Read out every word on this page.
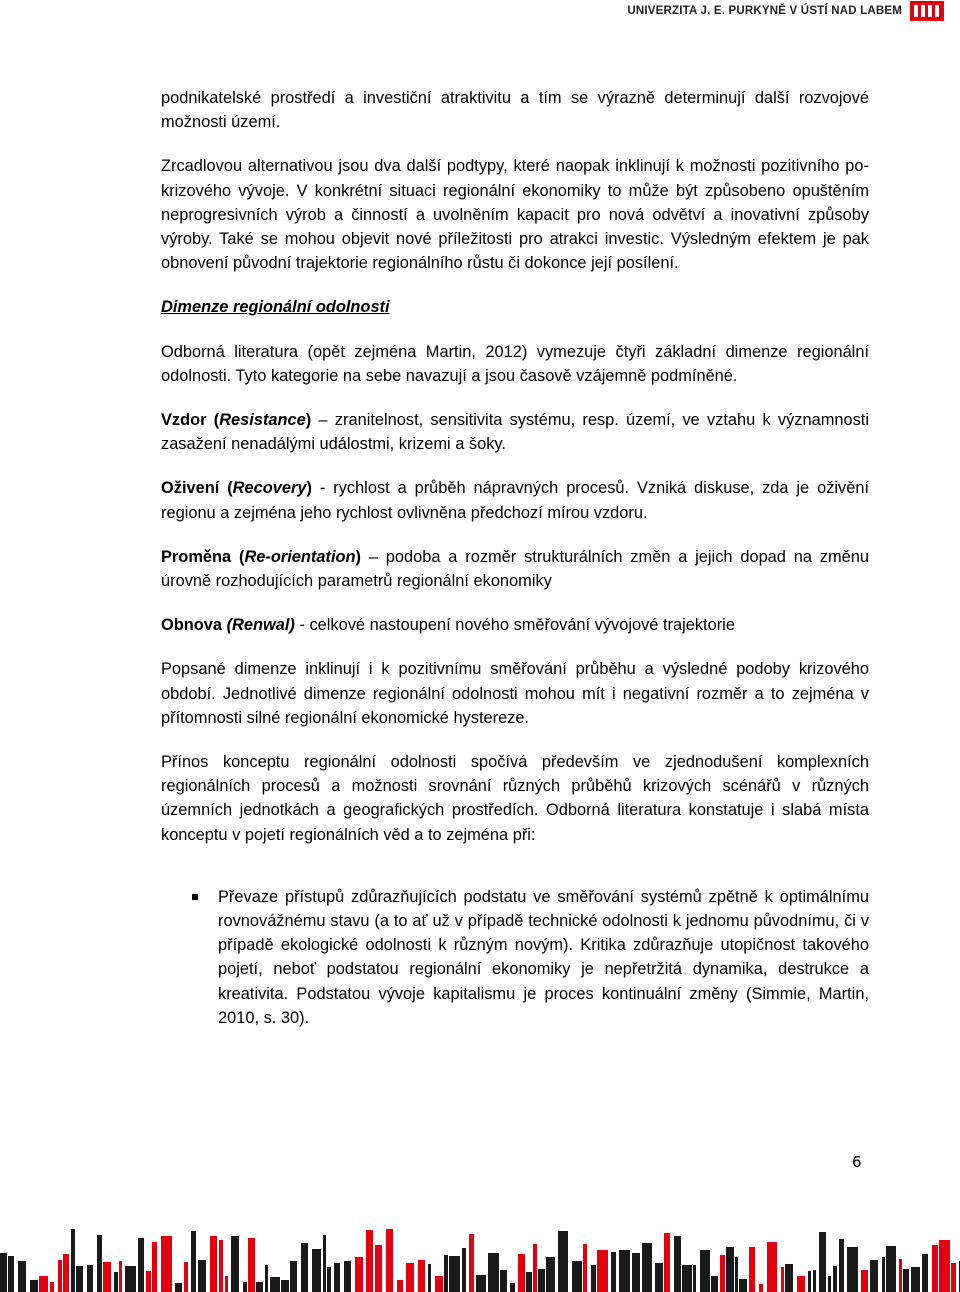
UNIVERZITA J. E. PURKYNĚ V ÚSTÍ NAD LABEM

podnikatelské prostředí a investiční atraktivitu a tím se výrazně determinují další rozvojové možnosti území.

Zrcadlovou alternativou jsou dva další podtypy, které naopak inklinují k možnosti pozitivního po-krizového vývoje. V konkrétní situaci regionální ekonomiky to může být způsobeno opuštěním neprogresivních výrob a činností a uvolněním kapacit pro nová odvětví a inovativní způsoby výroby. Také se mohou objevit nové příležitosti pro atrakci investic. Výsledným efektem je pak obnovení původní trajektorie regionálního růstu či dokonce její posílení.

Dimenze regionální odolnosti

Odborná literatura (opět zejména Martin, 2012) vymezuje čtyři základní dimenze regionální odolnosti. Tyto kategorie na sebe navazují a jsou časově vzájemně podmíněné.

Vzdor (Resistance) – zranitelnost, sensitivita systému, resp. území, ve vztahu k významnosti zasažení nenadálými událostmi, krizemi a šoky.

Oživení (Recovery) - rychlost a průběh nápravných procesů. Vzniká diskuse, zda je oživění regionu a zejména jeho rychlost ovlivněna předchozí mírou vzdoru.

Proměna (Re-orientation) – podoba a rozměr strukturálních změn a jejich dopad na změnu úrovně rozhodujících parametrů regionální ekonomiky

Obnova (Renwal) - celkové nastoupení nového směřování vývojové trajektorie

Popsané dimenze inklinují i k pozitivnímu směřování průběhu a výsledné podoby krizového období. Jednotlivé dimenze regionální odolnosti mohou mít i negativní rozměr a to zejména v přítomnosti silné regionální ekonomické hystereze.

Přínos konceptu regionální odolnosti spočívá především ve zjednodušení komplexních regionálních procesů a možnosti srovnání různých průběhů krizových scénářů v různých územních jednotkách a geografických prostředích. Odborná literatura konstatuje i slabá místa konceptu v pojetí regionálních věd a to zejména při:

Převaze přístupů zdůrazňujících podstatu ve směřování systémů zpětně k optimálnímu rovnovážnému stavu (a to ať už v případě technické odolnosti k jednomu původnímu, či v případě ekologické odolnosti k různým novým). Kritika zdůrazňuje utopičnost takového pojetí, neboť podstatou regionální ekonomiky je nepřetržitá dynamika, destrukce a kreativita. Podstatou vývoje kapitalismu je proces kontinuální změny (Simmie, Martin, 2010, s. 30).
6
